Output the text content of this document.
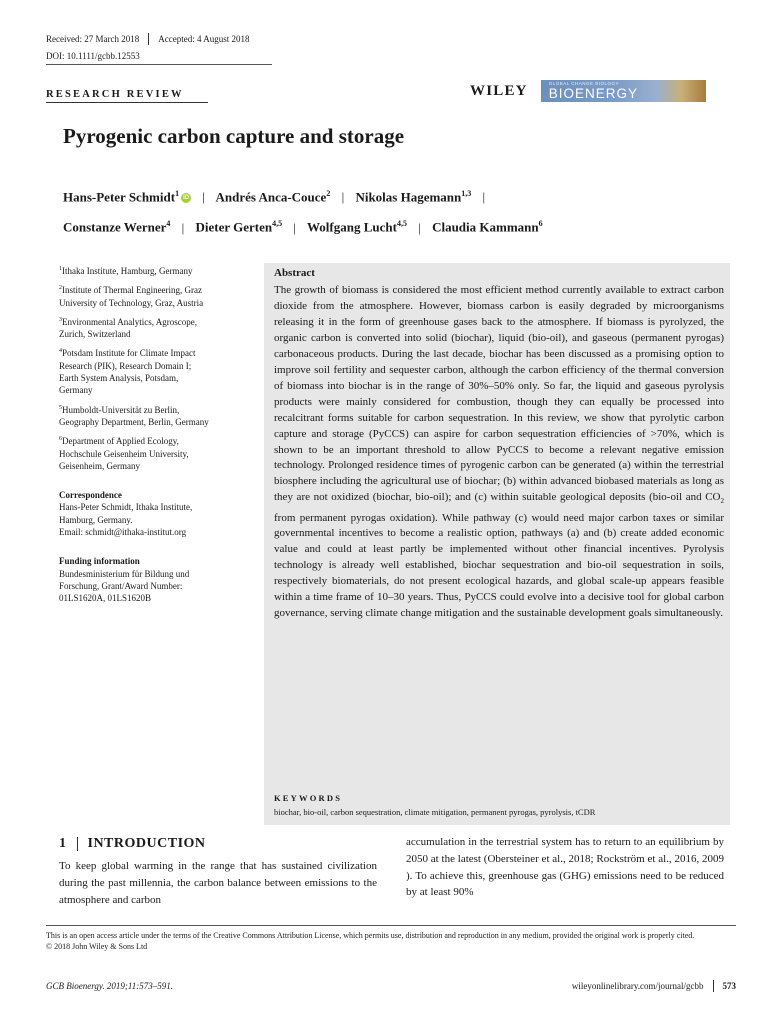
Received: 27 March 2018 Accepted: 4 August 2018
DOI: 10.1111/gcbb.12553
RESEARCH REVIEW	WILEY	GLOBAL CHANGE BIOLOGY
BIOENERGY
Pyrogenic carbon capture and storage
Hans-Peter Schmidt$^1$iD | Andrés Anca-Couce$^2$ | Nikolas Hagemann$^{1,3}$ |
Constanze Werner$^4$ | Dieter Gerten$^{4,5}$ | Wolfgang Lucht$^{4,5}$ | Claudia Kammann$^6$
$^1$Ithaka Institute, Hamburg, Germany
$^2$Institute of Thermal Engineering, Graz
University of Technology, Graz, Austria
$^3$Environmental Analytics, Agroscope,
Zurich, Switzerland
$^4$Potsdam Institute for Climate Impact
Research (PIK), Research Domain I;
Earth System Analysis, Potsdam,
Germany
$^5$Humboldt-Universität zu Berlin,
Geography Department, Berlin, Germany
$^6$Department of Applied Ecology,
Hochschule Geisenheim University,
Geisenheim, Germany
Correspondence
Hans-Peter Schmidt, Ithaka Institute,
Hamburg, Germany.
Email: schmidt@ithaka-institut.org
Funding information
Bundesministerium für Bildung und
Forschung, Grant/Award Number:
01LS1620A, 01LS1620B
Abstract
The growth of biomass is considered the most efficient method currently available to extract carbon dioxide from the atmosphere. However, biomass carbon is easily degraded by microorganisms releasing it in the form of greenhouse gases back to the atmosphere. If biomass is pyrolyzed, the organic carbon is converted into solid (biochar), liquid (bio-oil), and gaseous (permanent pyrogas) carbonaceous products. During the last decade, biochar has been discussed as a promising option to improve soil fertility and sequester carbon, although the carbon efficiency of the thermal conversion of biomass into biochar is in the range of 30%–50% only. So far, the liquid and gaseous pyrolysis products were mainly considered for combustion, though they can equally be processed into recalcitrant forms suitable for carbon sequestration. In this review, we show that pyrolytic carbon capture and storage (PyCCS) can aspire for carbon sequestration efficiencies of >70%, which is shown to be an important threshold to allow PyCCS to become a relevant negative emission technology. Prolonged residence times of pyrogenic carbon can be generated (a) within the terrestrial biosphere including the agricultural use of biochar; (b) within advanced biobased materials as long as they are not oxidized (biochar, bio-oil); and (c) within suitable geological deposits (bio-oil and $CO_2$ from permanent pyrogas oxidation). While pathway (c) would need major carbon taxes or similar governmental incentives to become a realistic option, pathways (a) and (b) create added economic value and could at least partly be implemented without other financial incentives. Pyrolysis technology is already well established, biochar sequestration and bio-oil sequestration in soils, respectively biomaterials, do not present ecological hazards, and global scale-up appears feasible within a time frame of 10–30 years. Thus, PyCCS could evolve into a decisive tool for global carbon governance, serving climate change mitigation and the sustainable development goals simultaneously.
KEYWORDS
biochar, bio-oil, carbon sequestration, climate mitigation, permanent pyrogas, pyrolysis, tCDR
1 INTRODUCTION
To keep global warming in the range that has sustained civilization during the past millennia, the carbon balance between emissions to the atmosphere and carbon
accumulation in the terrestrial system has to return to an equilibrium by 2050 at the latest (Obersteiner et al., 2018; Rockström et al., 2016, 2009 ). To achieve this, greenhouse gas (GHG) emissions need to be reduced by at least 90%
This is an open access article under the terms of the Creative Commons Attribution License, which permits use, distribution and reproduction in any medium, provided the original work is properly cited.
© 2018 John Wiley & Sons Ltd
GCB Bioenergy. 2019;11:573–591.	wileyonlinelibrary.com/journal/gcbb 573
